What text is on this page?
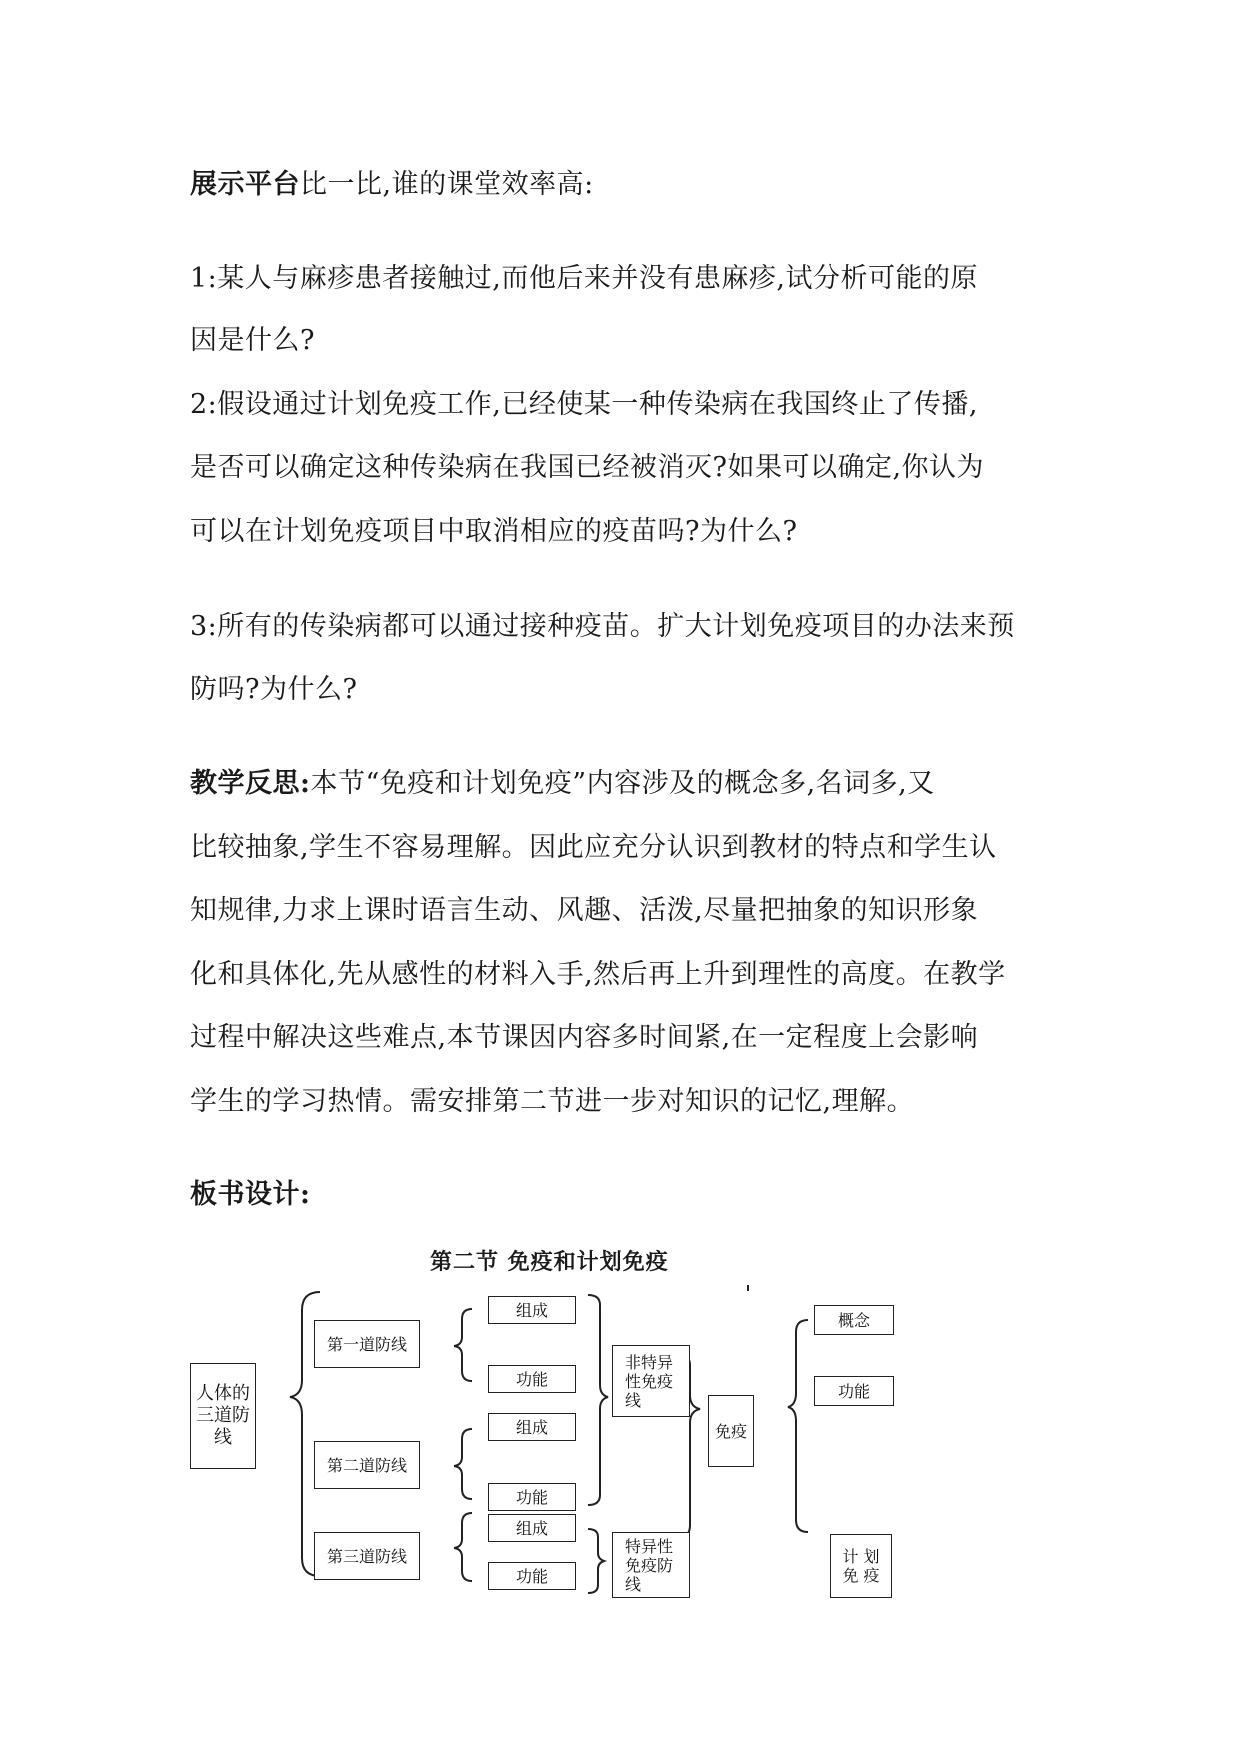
展示平台比一比,谁的课堂效率高:
1:某人与麻疹患者接触过,而他后来并没有患麻疹,试分析可能的原
因是什么?
2:假设通过计划免疫工作,已经使某一种传染病在我国终止了传播,
是否可以确定这种传染病在我国已经被消灭?如果可以确定,你认为
可以在计划免疫项目中取消相应的疫苗吗?为什么?
3:所有的传染病都可以通过接种疫苗。扩大计划免疫项目的办法来预
防吗?为什么?
教学反思:本节“免疫和计划免疫”内容涉及的概念多,名词多,又
比较抽象,学生不容易理解。因此应充分认识到教材的特点和学生认
知规律,力求上课时语言生动、风趣、活泼,尽量把抽象的知识形象
化和具体化,先从感性的材料入手,然后再上升到理性的高度。在教学
过程中解决这些难点,本节课因内容多时间紧,在一定程度上会影响
学生的学习热情。需安排第二节进一步对知识的记忆,理解。
板书设计:
第二节 免疫和计划免疫
人体的三道防线
第一道防线
第二道防线
第三道防线
组成
功能
组成
功能
组成
功能
非特异性免疫线
特异性免疫防线
免疫
概念
功能
计 划免 疫
